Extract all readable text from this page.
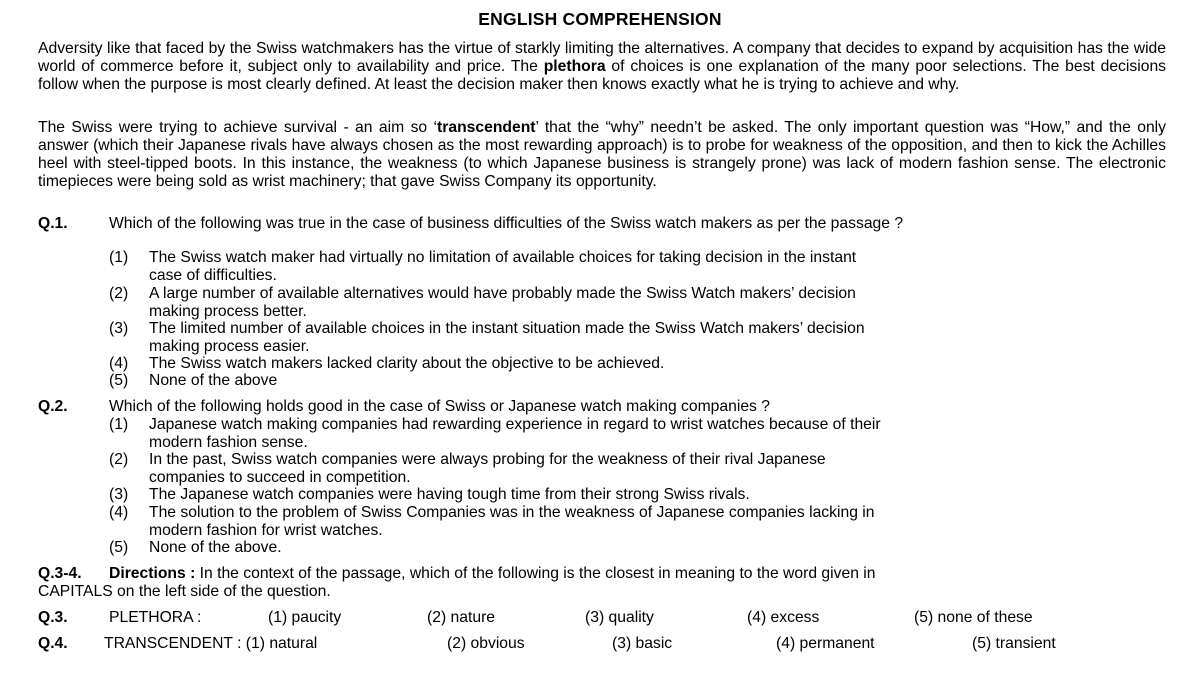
ENGLISH COMPREHENSION

Adversity like that faced by the Swiss watchmakers has the virtue of starkly limiting the alternatives. A company that decides to expand by acquisition has the wide world of commerce before it, subject only to availability and price. The plethora of choices is one explanation of the many poor selections. The best decisions follow when the purpose is most clearly defined. At least the decision maker then knows exactly what he is trying to achieve and why.

The Swiss were trying to achieve survival - an aim so ‘transcendent’ that the “why” needn’t be asked. The only important question was “How,” and the only answer (which their Japanese rivals have always chosen as the most rewarding approach) is to probe for weakness of the opposition, and then to kick the Achilles heel with steel-tipped boots. In this instance, the weakness (to which Japanese business is strangely prone) was lack of modern fashion sense. The electronic timepieces were being sold as wrist machinery; that gave Swiss Company its opportunity.

Q.1.	Which of the following was true in the case of business difficulties of the Swiss watch makers as per the passage ?
(1) The Swiss watch maker had virtually no limitation of available choices for taking decision in the instant
case of difficulties.
(2) A large number of available alternatives would have probably made the Swiss Watch makers’ decision
making process better.
(3) The limited number of available choices in the instant situation made the Swiss Watch makers’ decision
making process easier.
(4) The Swiss watch makers lacked clarity about the objective to be achieved.
(5) None of the above
Q.2.	Which of the following holds good in the case of Swiss or Japanese watch making companies ?
(1) Japanese watch making companies had rewarding experience in regard to wrist watches because of their
modern fashion sense.
(2) In the past, Swiss watch companies were always probing for the weakness of their rival Japanese
companies to succeed in competition.
(3) The Japanese watch companies were having tough time from their strong Swiss rivals.
(4) The solution to the problem of Swiss Companies was in the weakness of Japanese companies lacking in
modern fashion for wrist watches.
(5) None of the above.
Q.3-4. Directions : In the context of the passage, which of the following is the closest in meaning to the word given in
CAPITALS on the left side of the question.
Q.3.	PLETHORA :	(1) paucity	(2) nature	(3) quality	(4) excess	(5) none of these
Q.4. TRANSCENDENT : (1) natural	(2) obvious	(3) basic	(4) permanent	(5) transient
